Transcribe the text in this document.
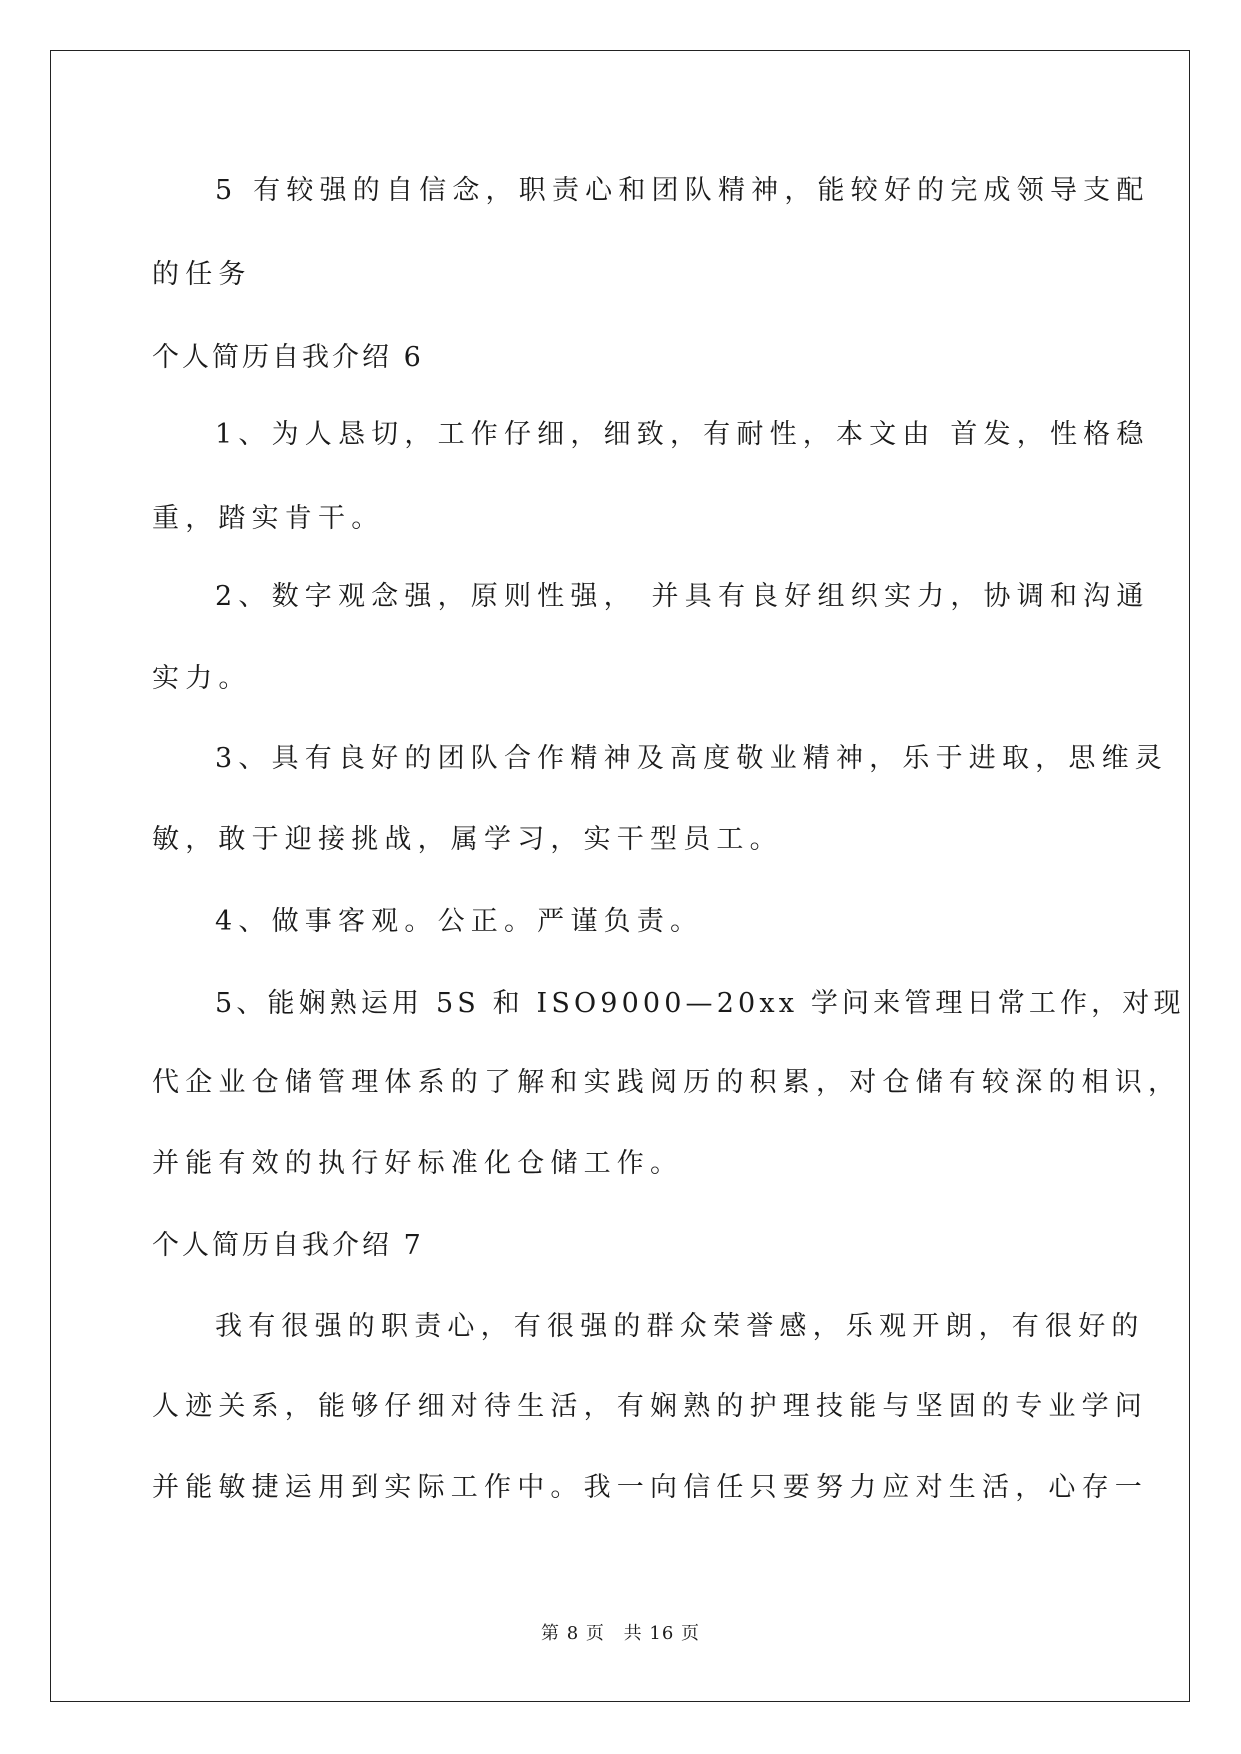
5 有较强的自信念，职责心和团队精神，能较好的完成领导支配
的任务
个人简历自我介绍 6
1、为人恳切，工作仔细，细致，有耐性，本文由 首发，性格稳
重，踏实肯干。
2、数字观念强，原则性强， 并具有良好组织实力，协调和沟通
实力。
3、具有良好的团队合作精神及高度敬业精神，乐于进取，思维灵
敏，敢于迎接挑战，属学习，实干型员工。
4、做事客观。公正。严谨负责。
5、能娴熟运用 5S 和 ISO9000—20xx 学问来管理日常工作，对现
代企业仓储管理体系的了解和实践阅历的积累，对仓储有较深的相识，
并能有效的执行好标准化仓储工作。
个人简历自我介绍 7
我有很强的职责心，有很强的群众荣誉感，乐观开朗，有很好的
人迹关系，能够仔细对待生活，有娴熟的护理技能与坚固的专业学问
并能敏捷运用到实际工作中。我一向信任只要努力应对生活，心存一
第 8 页 共 16 页
